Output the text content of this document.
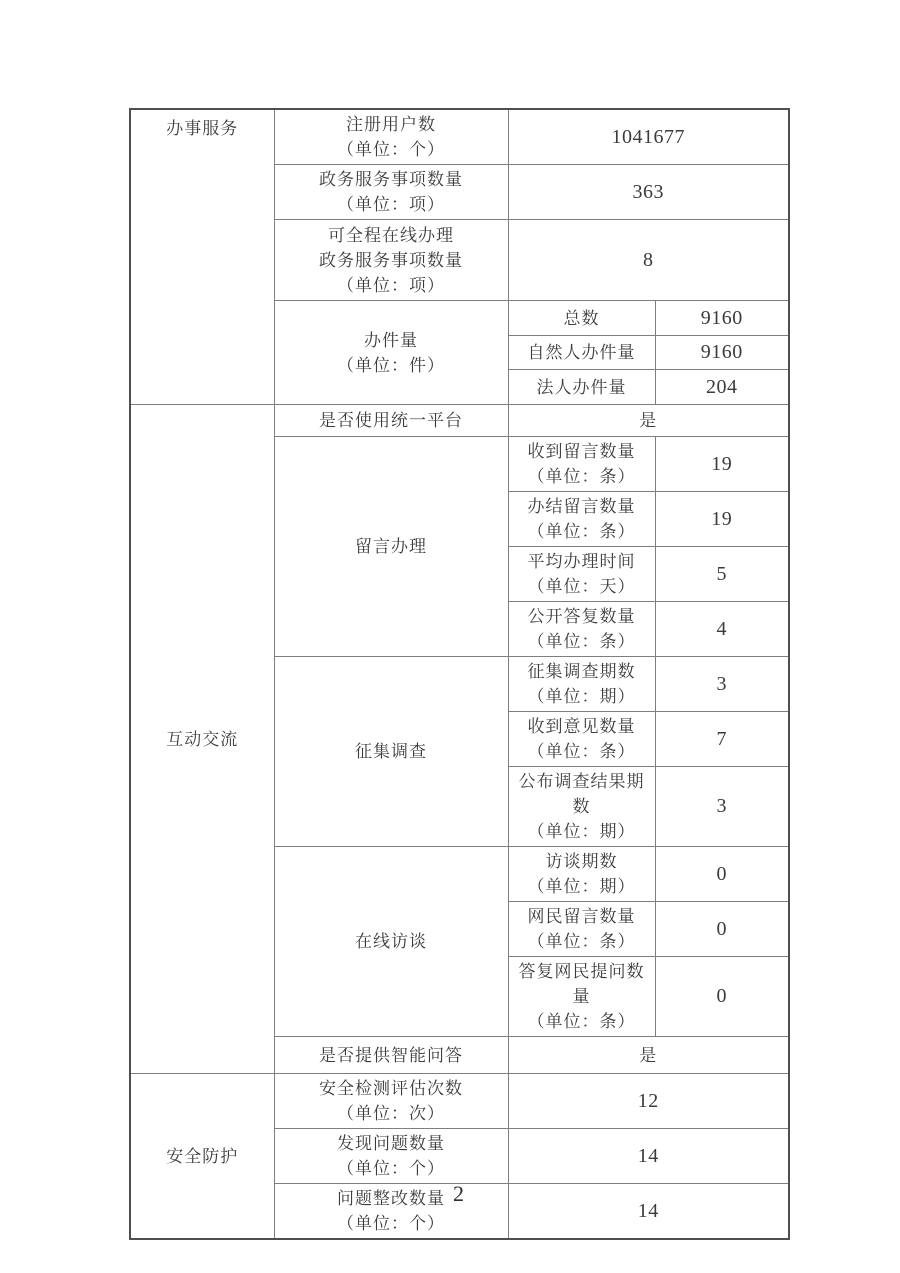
办事服务	注册用户数
（单位：个）	1041677	

	政务服务事项数量
（单位：项）	363	

	可全程在线办理
政务服务事项数量
（单位：项）	8	

	办件量
（单位：件）	总数	9160
		自然人办件量	9160
		法人办件量	204
互动交流	是否使用统一平台	是	
	留言办理	收到留言数量
（单位：条）	19

		办结留言数量
（单位：条）	19

		平均办理时间
（单位：天）	5

		公开答复数量
（单位：条）	4
	征集调查	征集调查期数
（单位：期）	3

		收到意见数量
（单位：条）	7

		公布调查结果期数
（单位：期）	3
	在线访谈	访谈期数
（单位：期）	0

		网民留言数量
（单位：条）	0

		答复网民提问数量
（单位：条）	0
	是否提供智能问答	是	
安全防护	安全检测评估次数
（单位：次）	12	

	发现问题数量
（单位：个）	14	

	问题整改数量
（单位：个）	14	
2
